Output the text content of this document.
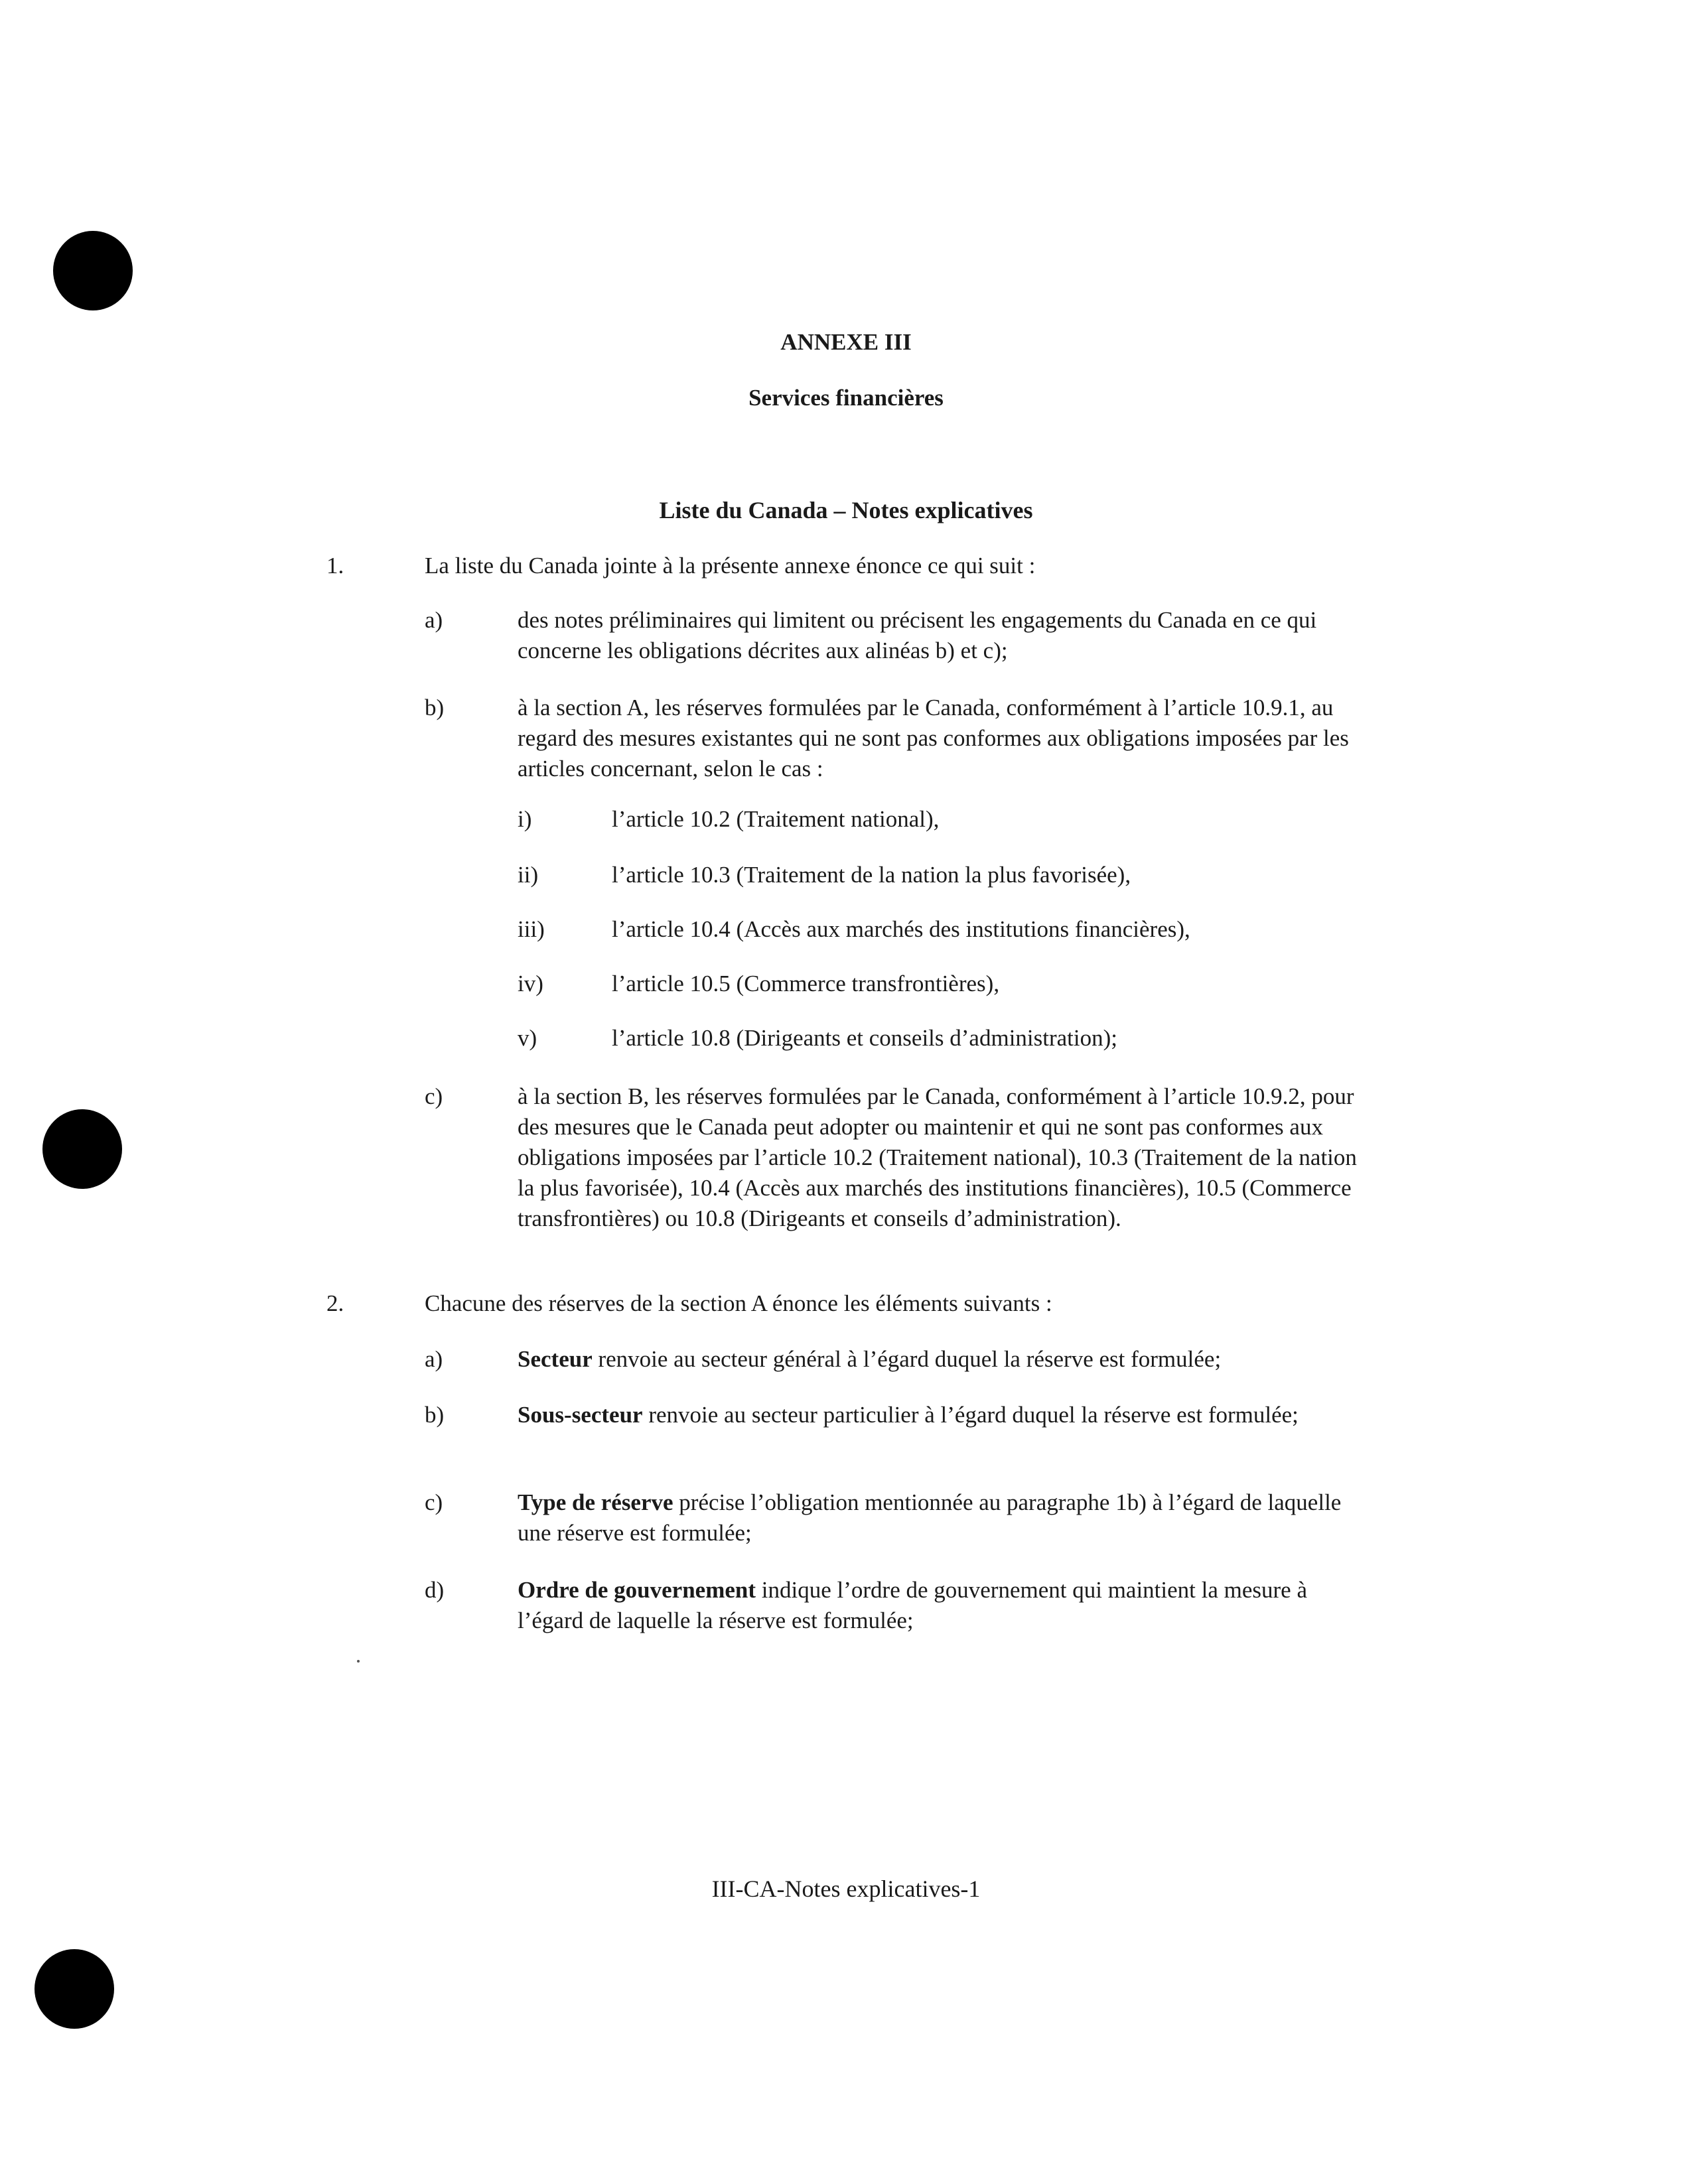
ANNEXE III
Services financières
Liste du Canada – Notes explicatives
1.	La liste du Canada jointe à la présente annexe énonce ce qui suit :
a)	des notes préliminaires qui limitent ou précisent les engagements du Canada en ce qui concerne les obligations décrites aux alinéas b) et c);
b)	à la section A, les réserves formulées par le Canada, conformément à l’article 10.9.1, au regard des mesures existantes qui ne sont pas conformes aux obligations imposées par les articles concernant, selon le cas :
i)	l’article 10.2 (Traitement national),
ii)	l’article 10.3 (Traitement de la nation la plus favorisée),
iii)	l’article 10.4 (Accès aux marchés des institutions financières),
iv)	l’article 10.5 (Commerce transfrontières),
v)	l’article 10.8 (Dirigeants et conseils d’administration);
c)	à la section B, les réserves formulées par le Canada, conformément à l’article 10.9.2, pour des mesures que le Canada peut adopter ou maintenir et qui ne sont pas conformes aux obligations imposées par l’article 10.2 (Traitement national), 10.3 (Traitement de la nation la plus favorisée), 10.4 (Accès aux marchés des institutions financières), 10.5 (Commerce transfrontières) ou 10.8 (Dirigeants et conseils d’administration).
2.	Chacune des réserves de la section A énonce les éléments suivants :
a)	Secteur renvoie au secteur général à l’égard duquel la réserve est formulée;
b)	Sous-secteur renvoie au secteur particulier à l’égard duquel la réserve est formulée;
c)	Type de réserve précise l’obligation mentionnée au paragraphe 1b) à l’égard de laquelle une réserve est formulée;
d)	Ordre de gouvernement indique l’ordre de gouvernement qui maintient la mesure à l’égard de laquelle la réserve est formulée;
III-CA-Notes explicatives-1
